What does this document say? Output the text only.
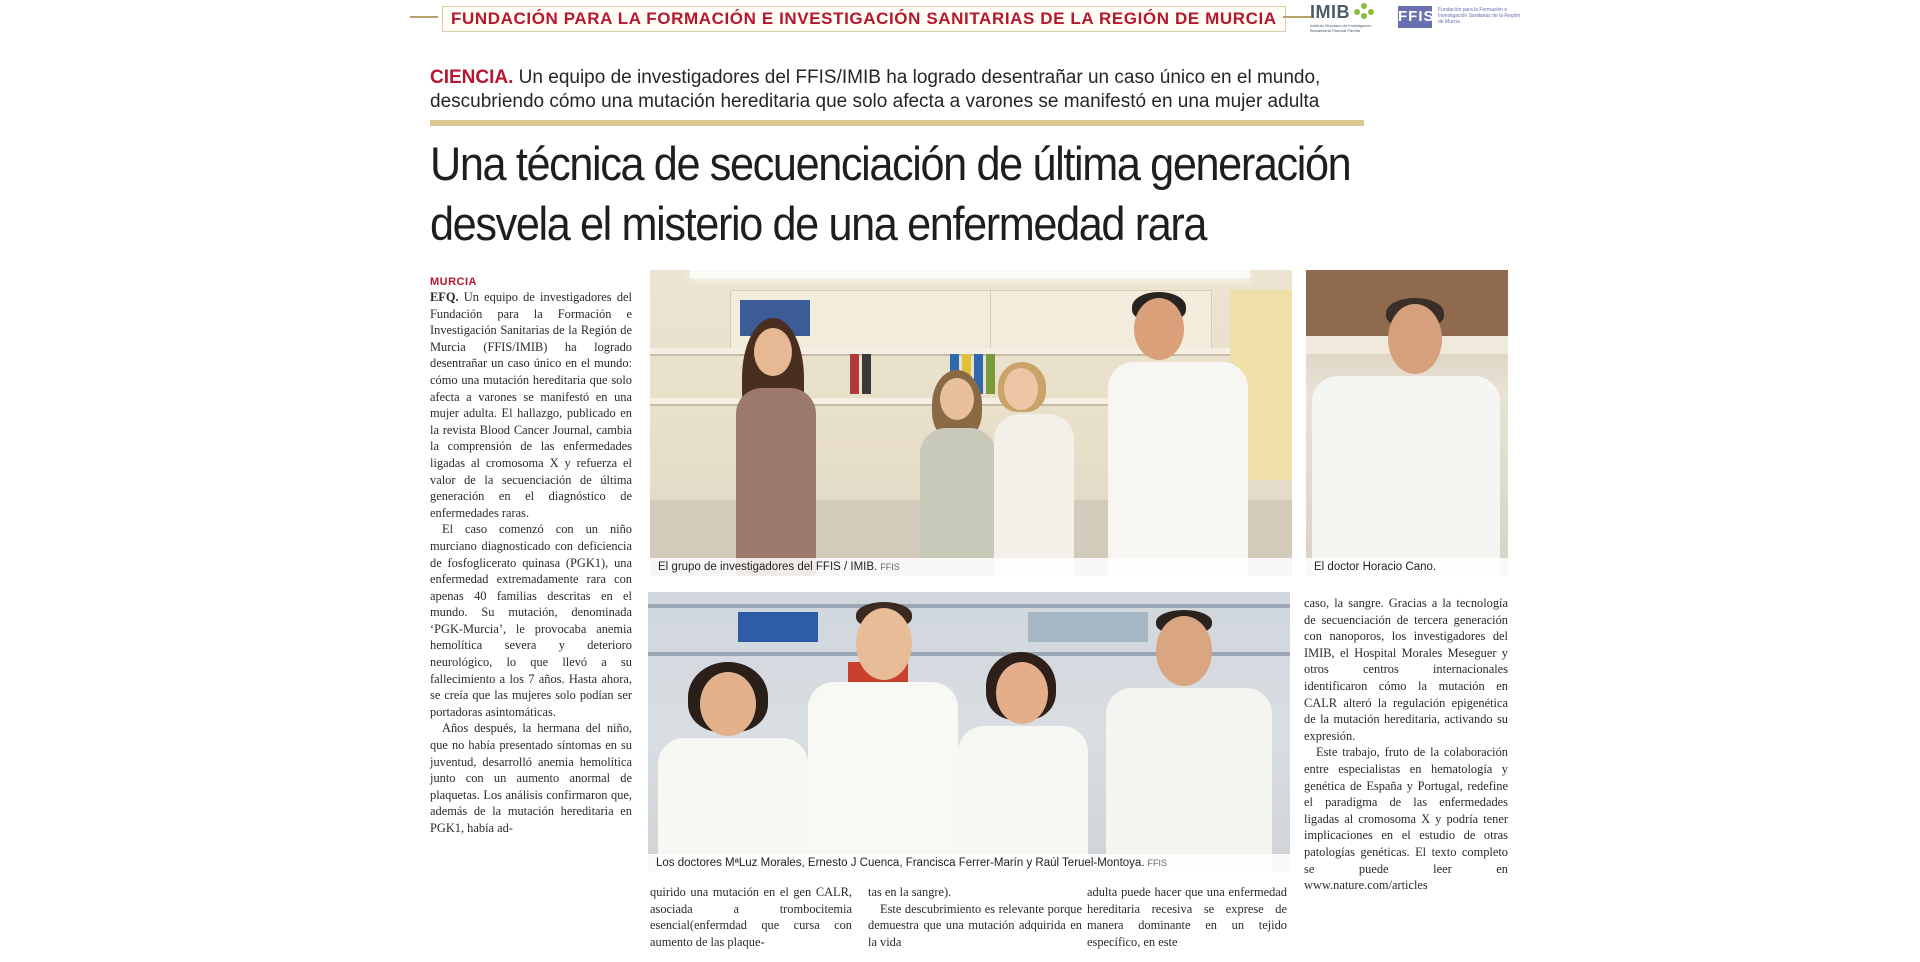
FUNDACIÓN PARA LA FORMACIÓN E INVESTIGACIÓN SANITARIAS DE LA REGIÓN DE MURCIA	IMIB
Instituto Murciano de Investigación Biosanitaria Pascual Parrilla
FFIS Fundación para la Formación e Investigación Sanitarias de la Región de Murcia
CIENCIA. Un equipo de investigadores del FFIS/IMIB ha logrado desentrañar un caso único en el mundo, descubriendo cómo una mutación hereditaria que solo afecta a varones se manifestó en una mujer adulta
Una técnica de secuenciación de última generación
desvela el misterio de una enfermedad rara
MURCIA

EFQ. Un equipo de investigadores del Fundación para la Formación e Investigación Sanitarias de la Región de Murcia (FFIS/IMIB) ha logrado desentrañar un caso único en el mundo: cómo una mutación hereditaria que solo afecta a varones se manifestó en una mujer adulta. El hallazgo, publicado en la revista Blood Cancer Journal, cambia la comprensión de las enfermedades ligadas al cromosoma X y refuerza el valor de la secuenciación de última generación en el diagnóstico de enfermedades raras.

El caso comenzó con un niño murciano diagnosticado con deficiencia de fosfoglicerato quinasa (PGK1), una enfermedad extremadamente rara con apenas 40 familias descritas en el mundo. Su mutación, denominada ‘PGK-Murcia’, le provocaba anemia hemolítica severa y deterioro neurológico, lo que llevó a su fallecimiento a los 7 años. Hasta ahora, se creía que las mujeres solo podían ser portadoras asintomáticas.

Años después, la hermana del niño, que no había presentado síntomas en su juventud, desarrolló anemia hemolítica junto con un aumento anormal de plaquetas. Los análisis confirmaron que, además de la mutación hereditaria en PGK1, había ad-

quirido una mutación en el gen CALR, asociada a trombocitemia esencial(enfermdad que cursa con aumento de las plaque-

tas en la sangre).

Este descubrimiento es relevante porque demuestra que una mutación adquirida en la vida

adulta puede hacer que una enfermedad hereditaria recesiva se exprese de manera dominante en un tejido específico, en este

caso, la sangre. Gracias a la tecnología de secuenciación de tercera generación con nanoporos, los investigadores del IMIB, el Hospital Morales Meseguer y otros centros internacionales identificaron cómo la mutación en CALR alteró la regulación epigenética de la mutación hereditaria, activando su expresión.

Este trabajo, fruto de la colaboración entre especialistas en hematología y genética de España y Portugal, redefine el paradigma de las enfermedades ligadas al cromosoma X y podría tener implicaciones en el estudio de otras patologías genéticas. El texto completo se puede leer en www.nature.com/articles

El grupo de investigadores del FFIS / IMIB. FFIS	El doctor Horacio Cano.
Los doctores MªLuz Morales, Ernesto J Cuenca, Francisca Ferrer-Marín y Raúl Teruel-Montoya. FFIS
